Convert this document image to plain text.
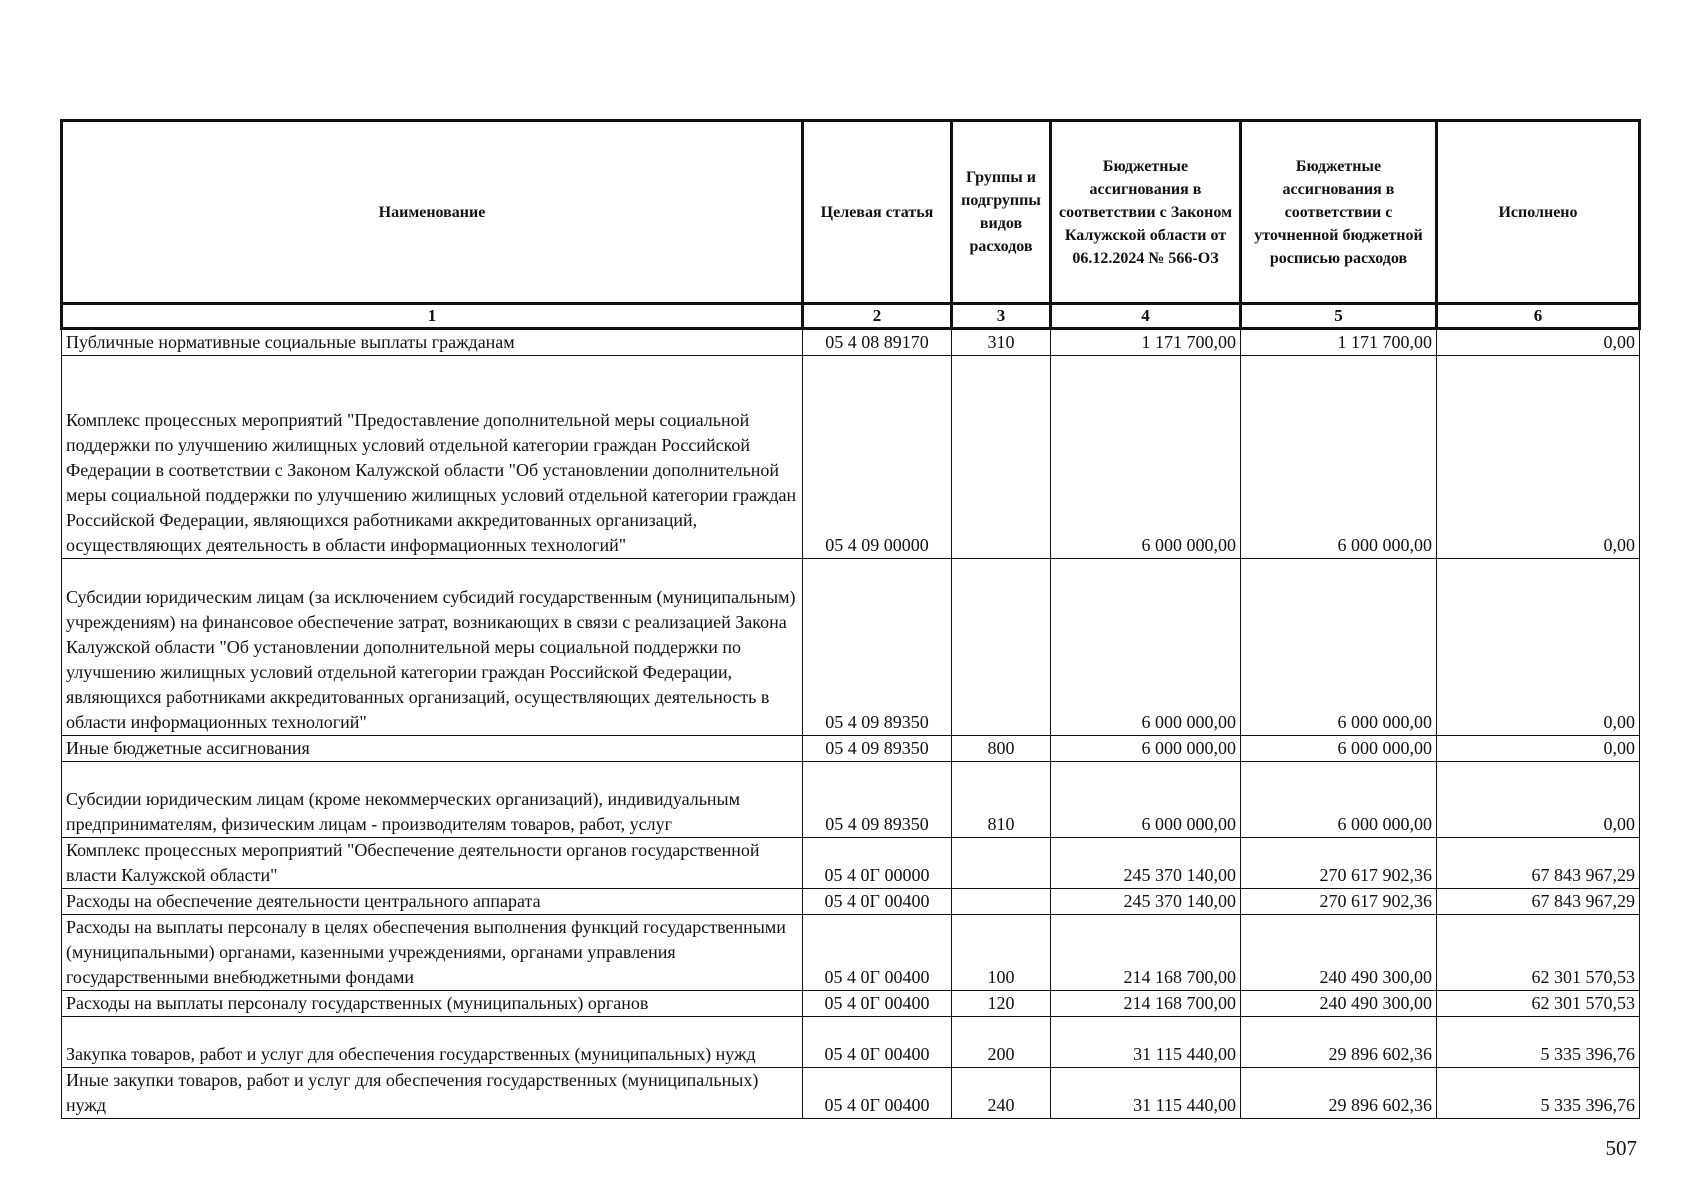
Наименование	Целевая статья	Группы и подгруппы видов расходов	Бюджетные ассигнования в соответствии с Законом Калужской области от 06.12.2024 № 566-ОЗ	Бюджетные ассигнования в соответствии с уточненной бюджетной росписью расходов	Исполнено
1	2	3	4	5	6
Публичные нормативные социальные выплаты гражданам	05 4 08 89170	310	1 171 700,00	1 171 700,00	0,00
Комплекс процессных мероприятий "Предоставление дополнительной меры социальной поддержки по улучшению жилищных условий отдельной категории граждан Российской Федерации в соответствии с Законом Калужской области "Об установлении дополнительной меры социальной поддержки по улучшению жилищных условий отдельной категории граждан Российской Федерации, являющихся работниками аккредитованных организаций, осуществляющих деятельность в области информационных технологий"	05 4 09 00000		6 000 000,00	6 000 000,00	0,00
Субсидии юридическим лицам (за исключением субсидий государственным (муниципальным) учреждениям) на финансовое обеспечение затрат, возникающих в связи с реализацией Закона Калужской области "Об установлении дополнительной меры социальной поддержки по улучшению жилищных условий отдельной категории граждан Российской Федерации, являющихся работниками аккредитованных организаций, осуществляющих деятельность в области информационных технологий"	05 4 09 89350		6 000 000,00	6 000 000,00	0,00
Иные бюджетные ассигнования	05 4 09 89350	800	6 000 000,00	6 000 000,00	0,00
Субсидии юридическим лицам (кроме некоммерческих организаций), индивидуальным предпринимателям, физическим лицам - производителям товаров, работ, услуг	05 4 09 89350	810	6 000 000,00	6 000 000,00	0,00
Комплекс процессных мероприятий "Обеспечение деятельности органов государственной власти Калужской области"	05 4 0Г 00000		245 370 140,00	270 617 902,36	67 843 967,29
Расходы на обеспечение деятельности центрального аппарата	05 4 0Г 00400		245 370 140,00	270 617 902,36	67 843 967,29
Расходы на выплаты персоналу в целях обеспечения выполнения функций государственными (муниципальными) органами, казенными учреждениями, органами управления государственными внебюджетными фондами	05 4 0Г 00400	100	214 168 700,00	240 490 300,00	62 301 570,53
Расходы на выплаты персоналу государственных (муниципальных) органов	05 4 0Г 00400	120	214 168 700,00	240 490 300,00	62 301 570,53
Закупка товаров, работ и услуг для обеспечения государственных (муниципальных) нужд	05 4 0Г 00400	200	31 115 440,00	29 896 602,36	5 335 396,76
Иные закупки товаров, работ и услуг для обеспечения государственных (муниципальных) нужд	05 4 0Г 00400	240	31 115 440,00	29 896 602,36	5 335 396,76
507
